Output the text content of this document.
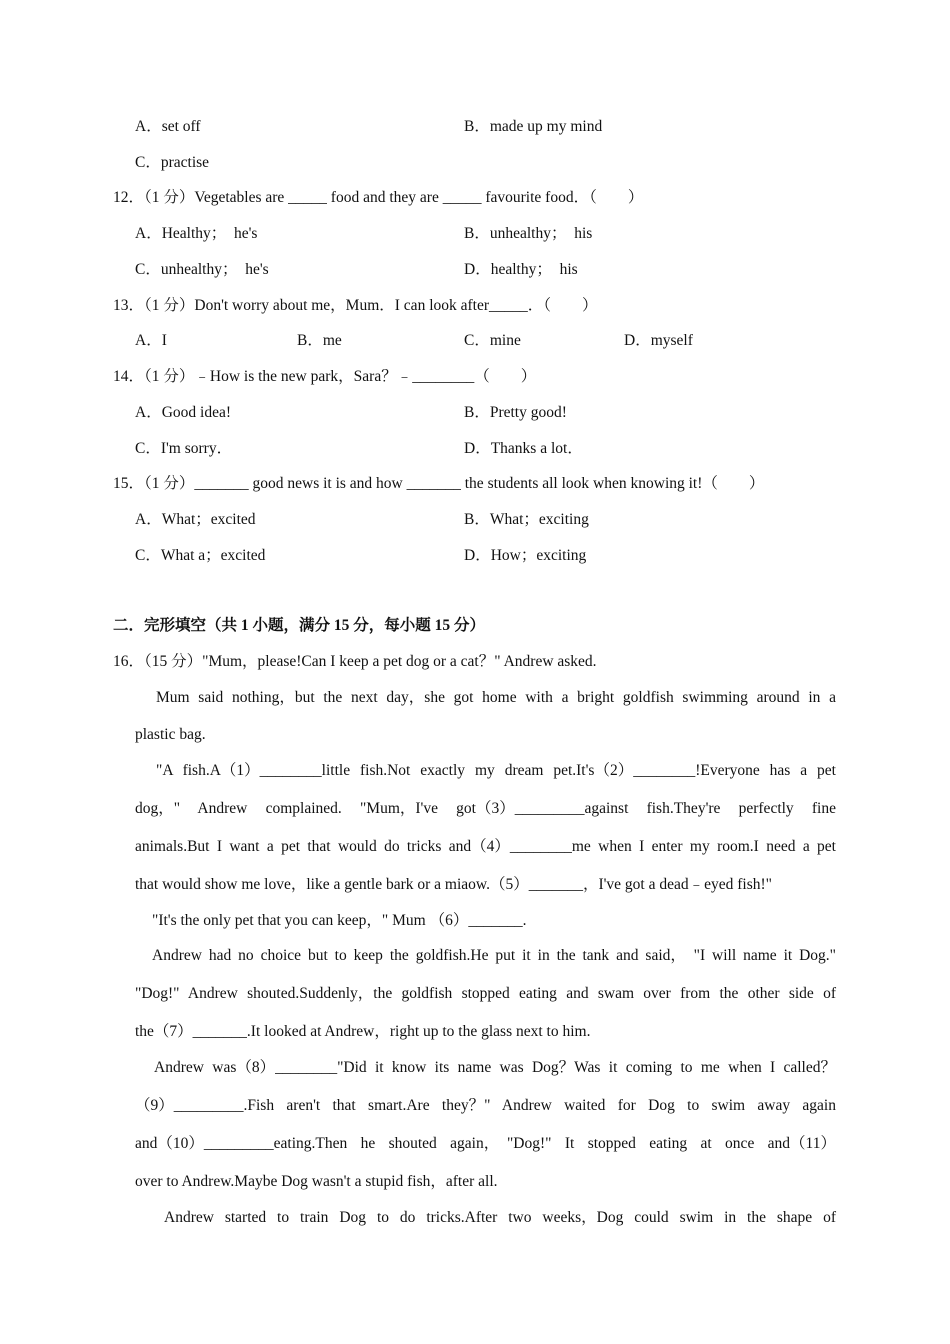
A．set off	B．made up my mind
C．practise
12．（1 分）Vegetables are _____ food and they are _____ favourite food．（　　）
A．Healthy；　he's	B．unhealthy；　his
C．unhealthy；　he's	D．healthy；　his
13．（1 分）Don't worry about me，Mum．I can look after_____．（　　）
A．I	B．me	C．mine	D．myself
14．（1 分）﹣How is the new park，Sara？﹣________（　　）
A．Good idea!	B．Pretty good!
C．I'm sorry．	D．Thanks a lot．
15．（1 分）_______ good news it is and how _______ the students all look when knowing it!（　　）
A．What；excited	B．What；exciting
C．What a；excited	D．How；exciting
二．完形填空（共 1 小题，满分 15 分，每小题 15 分）
16．（15 分）"Mum，please!Can I keep a pet dog or a cat？" Andrew asked.
Mum said nothing，but the next day，she got home with a bright goldfish swimming around in a
plastic bag.
"A fish.A（1）________little fish.Not exactly my dream pet.It's（2）________!Everyone has a pet
dog，" Andrew complained. "Mum，I've got（3）_________against fish.They're perfectly fine
animals.But I want a pet that would do tricks and（4）________me when I enter my room.I need a pet
that would show me love，like a gentle bark or a miaow.（5）_______，I've got a dead﹣eyed fish!"
"It's the only pet that you can keep，" Mum （6）_______.
Andrew had no choice but to keep the goldfish.He put it in the tank and said，　"I will name it Dog."
"Dog!" Andrew shouted.Suddenly，the goldfish stopped eating and swam over from the other side of
the（7）_______.It looked at Andrew，right up to the glass next to him.
Andrew was（8）________"Did it know its name was Dog？Was it coming to me when I called？
（9）_________.Fish aren't that smart.Are they？" Andrew waited for Dog to swim away again
and（10）_________eating.Then he shouted again，　"Dog!" It stopped eating at once and（11）
over to Andrew.Maybe Dog wasn't a stupid fish，after all.
Andrew started to train Dog to do tricks.After two weeks，Dog could swim in the shape of
